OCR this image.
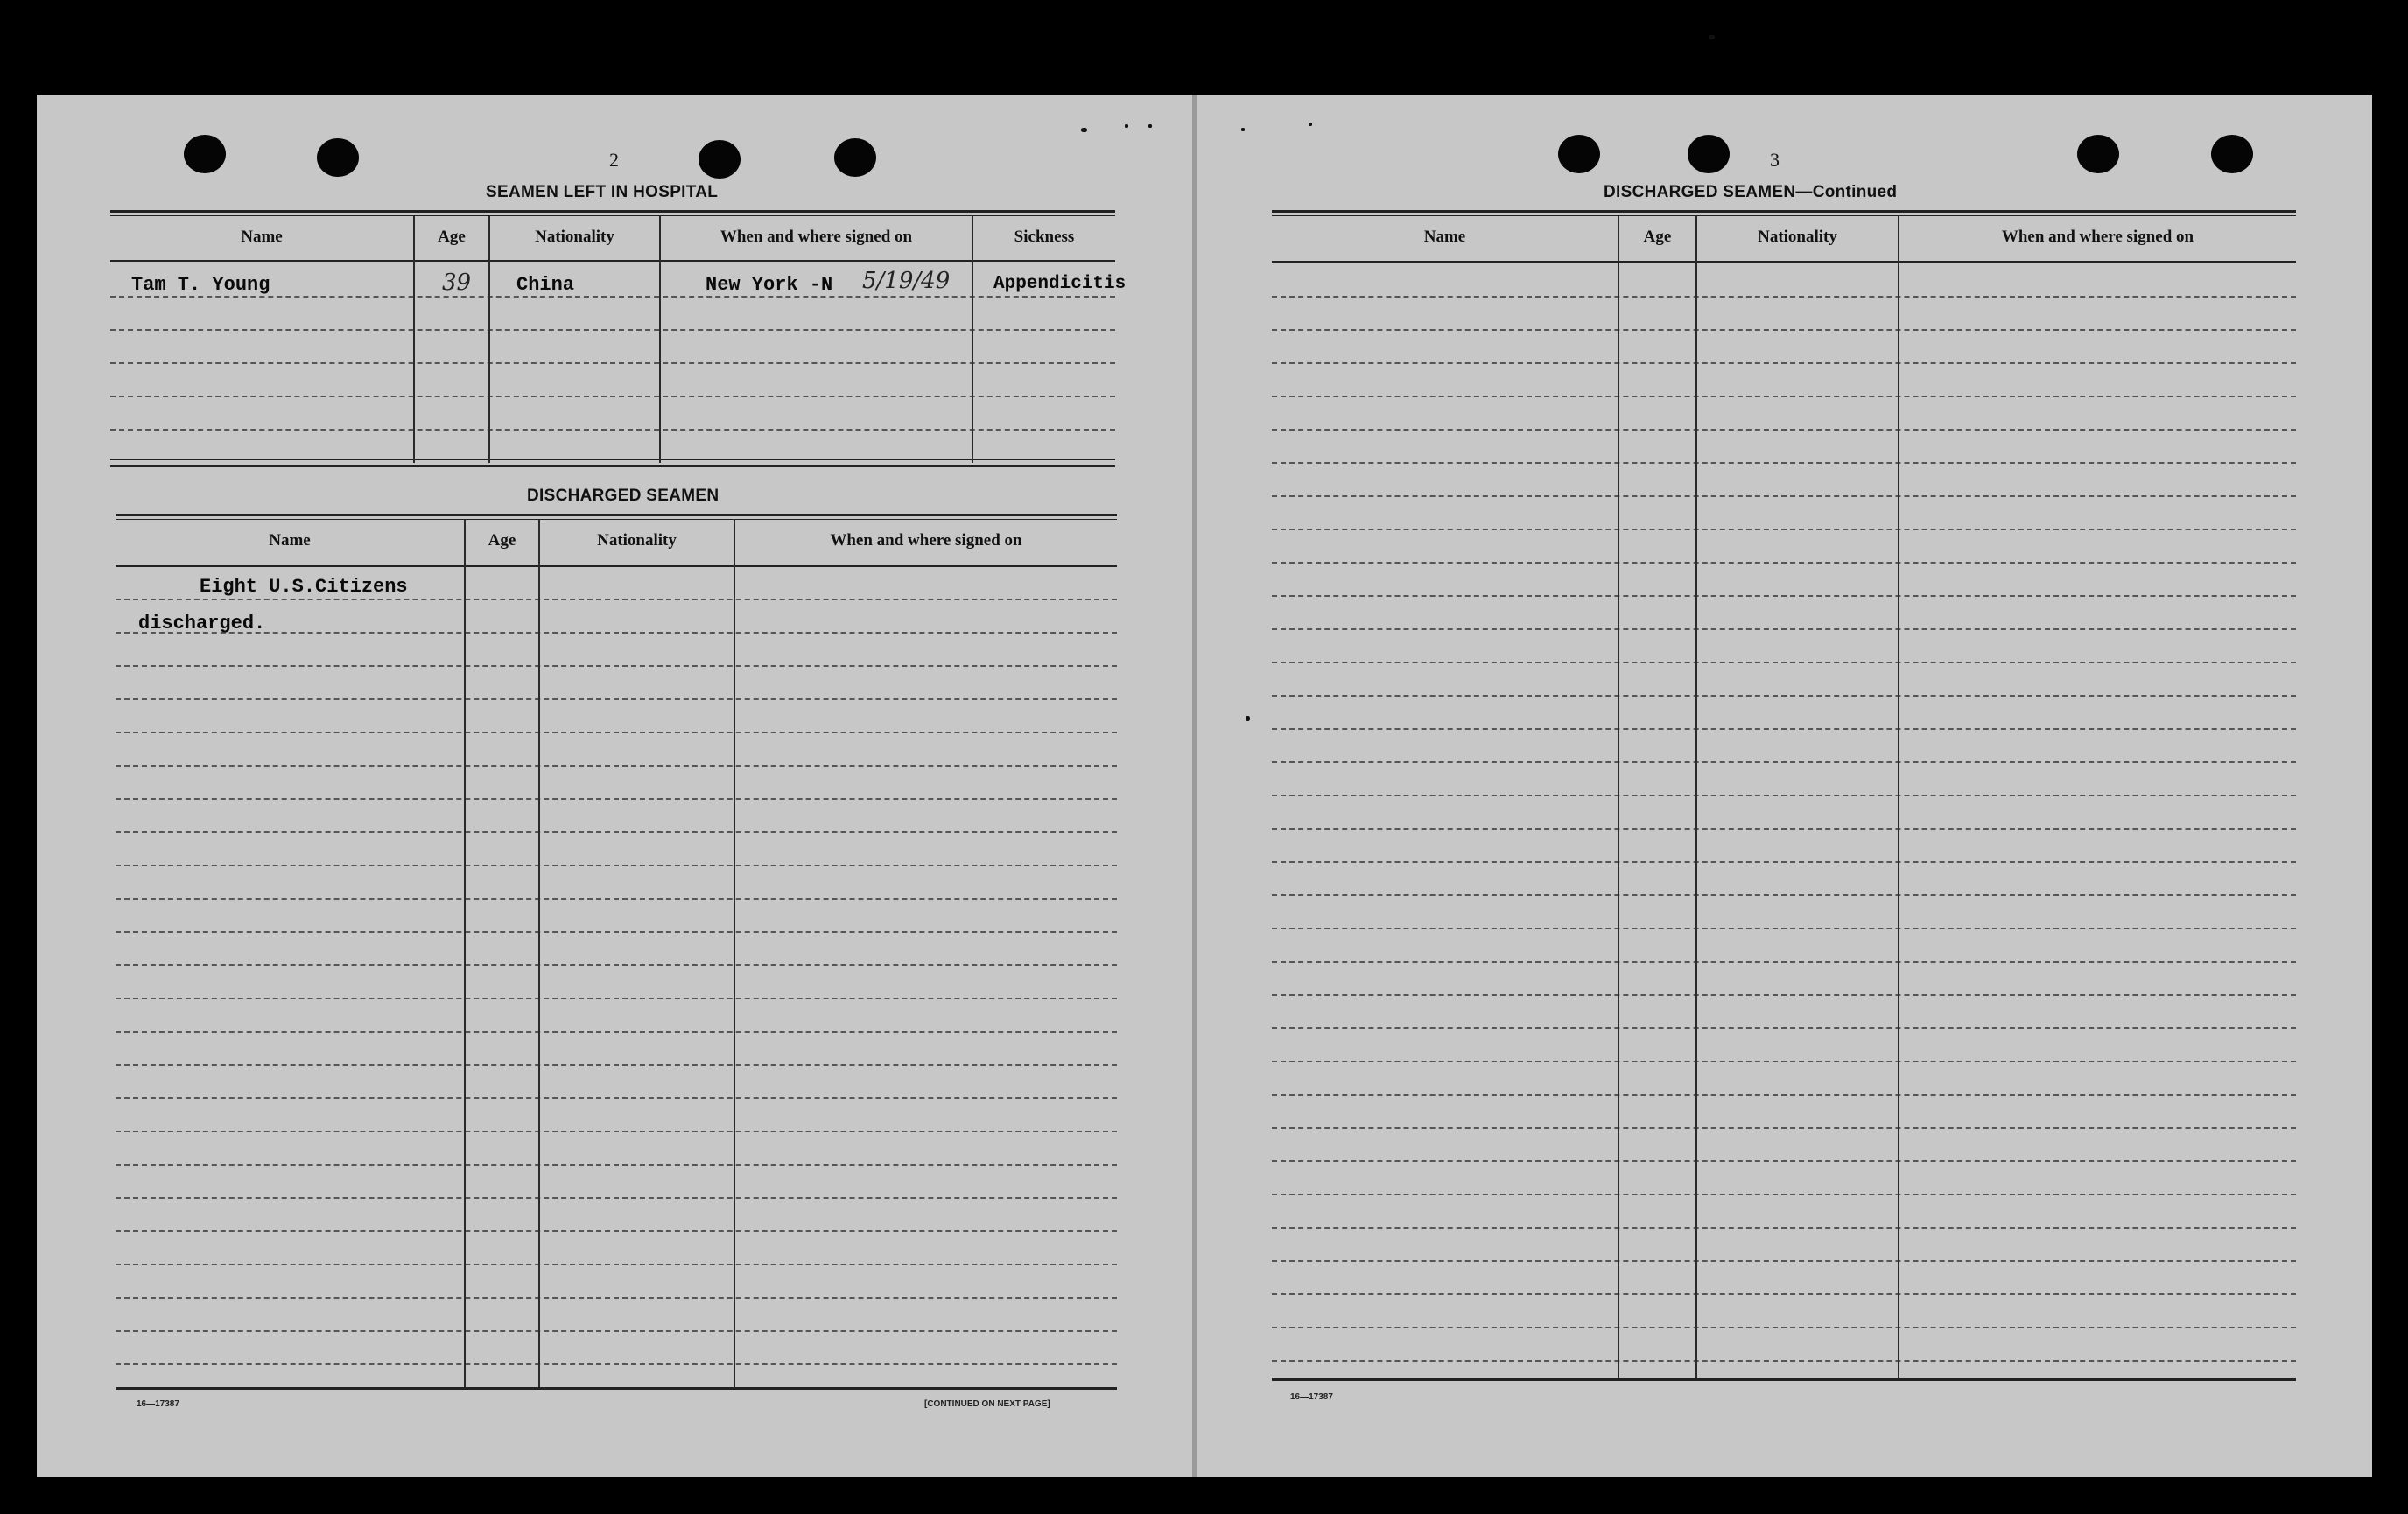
2
SEAMEN LEFT IN HOSPITAL
Name	Age	Nationality	When and where signed on	Sickness
Tam T. Young	39 China	New York -N 5/19/49 Appendicitis
DISCHARGED SEAMEN
Name	Age	Nationality	When and where signed on
Eight U.S.Citizens
discharged.
16—17387	[CONTINUED ON NEXT PAGE]
3
DISCHARGED SEAMEN—Continued
Name	Age	Nationality	When and where signed on
16—17387
